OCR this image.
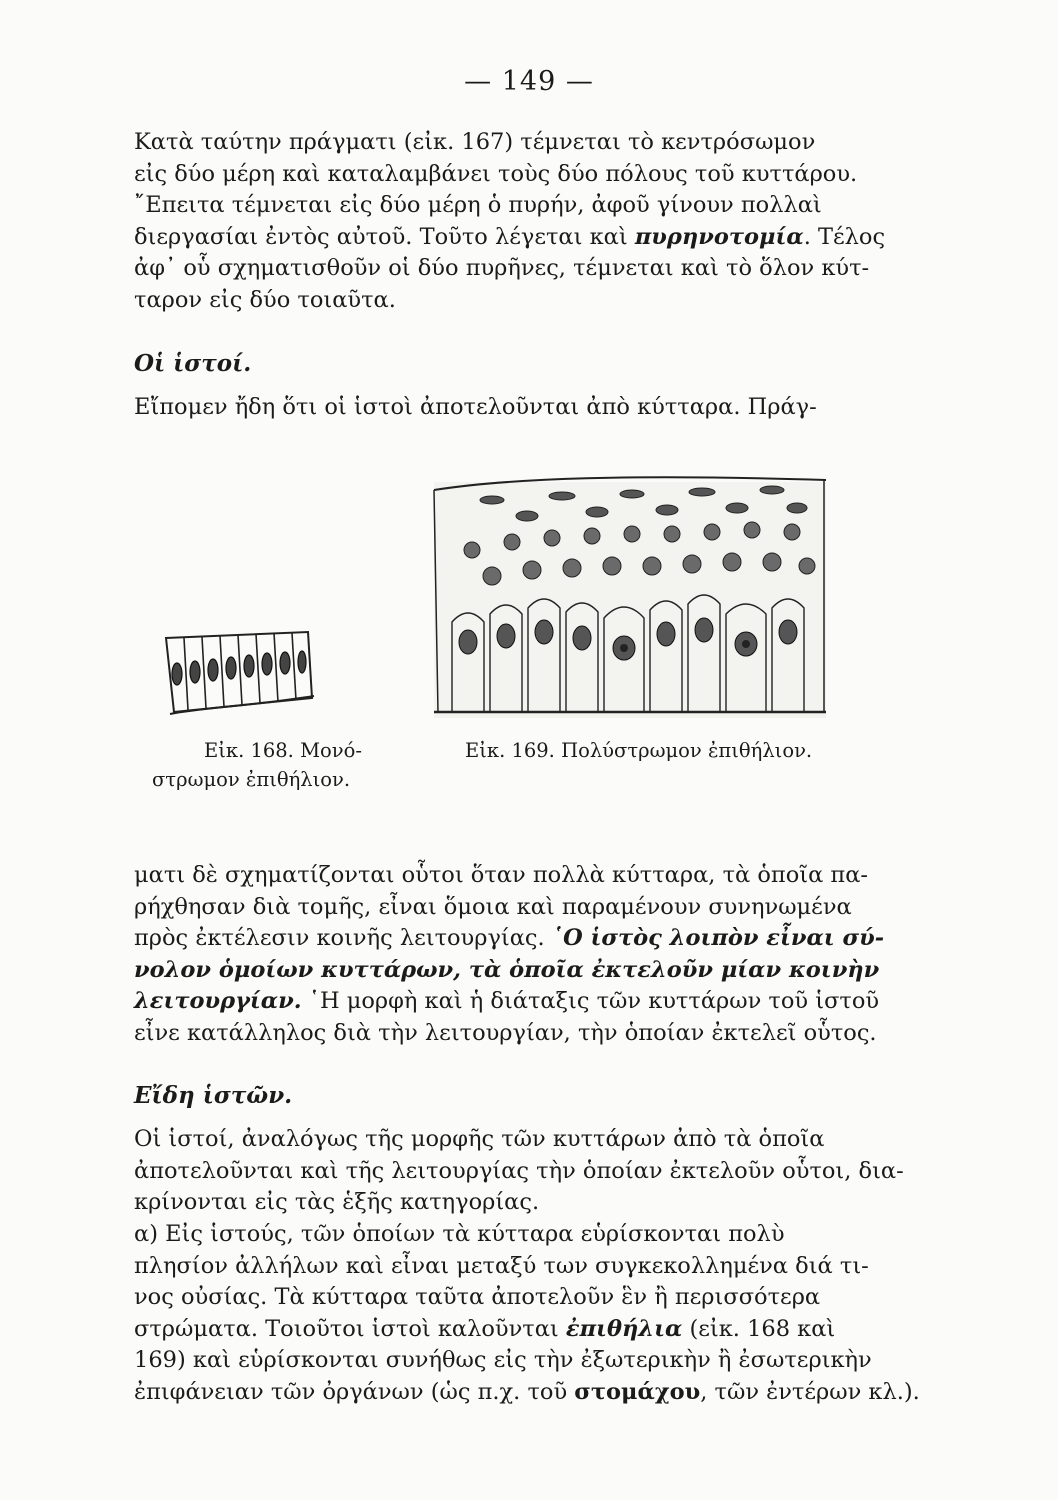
— 149 —
Κατὰ ταύτην πράγματι (εἰκ. 167) τέμνεται τὸ κεντρόσωμον
εἰς δύο μέρη καὶ καταλαμβάνει τοὺς δύο πόλους τοῦ κυττάρου.
῎Επειτα τέμνεται εἰς δύο μέρη ὁ πυρήν, ἀφοῦ γίνουν πολλαὶ
διεργασίαι ἐντὸς αὐτοῦ. Τοῦτο λέγεται καὶ πυρηνοτομία. Τέλος
ἀφ᾽ οὗ σχηματισθοῦν οἱ δύο πυρῆνες, τέμνεται καὶ τὸ ὅλον κύτ-
ταρον εἰς δύο τοιαῦτα.
Οἱ ἱστοί.
Εἴπομεν ἤδη ὅτι οἱ ἱστοὶ ἀποτελοῦνται ἀπὸ κύτταρα. Πράγ-
Εἰκ. 168. Μονό-
στρωμον ἐπιθήλιον.
Εἰκ. 169. Πολύστρωμον ἐπιθήλιον.
ματι δὲ σχηματίζονται οὗτοι ὅταν πολλὰ κύτταρα, τὰ ὁποῖα πα-
ρήχθησαν διὰ τομῆς, εἶναι ὅμοια καὶ παραμένουν συνηνωμένα
πρὸς ἐκτέλεσιν κοινῆς λειτουργίας. ῾Ο ἱστὸς λοιπὸν εἶναι σύ-
νολον ὁμοίων κυττάρων, τὰ ὁποῖα ἐκτελοῦν μίαν κοινὴν
λειτουργίαν. ῾Η μορφὴ καὶ ἡ διάταξις τῶν κυττάρων τοῦ ἱστοῦ
εἶνε κατάλληλος διὰ τὴν λειτουργίαν, τὴν ὁποίαν ἐκτελεῖ οὗτος.
Εἴδη ἱστῶν.
Οἱ ἱστοί, ἀναλόγως τῆς μορφῆς τῶν κυττάρων ἀπὸ τὰ ὁποῖα
ἀποτελοῦνται καὶ τῆς λειτουργίας τὴν ὁποίαν ἐκτελοῦν οὗτοι, δια-
κρίνονται εἰς τὰς ἑξῆς κατηγορίας.
α) Εἰς ἱστούς, τῶν ὁποίων τὰ κύτταρα εὑρίσκονται πολὺ
πλησίον ἀλλήλων καὶ εἶναι μεταξύ των συγκεκολλημένα διά τι-
νος οὐσίας. Τὰ κύτταρα ταῦτα ἀποτελοῦν ἓν ἢ περισσότερα
στρώματα. Τοιοῦτοι ἱστοὶ καλοῦνται ἐπιθήλια (εἰκ. 168 καὶ
169) καὶ εὑρίσκονται συνήθως εἰς τὴν ἐξωτερικὴν ἢ ἐσωτερικὴν
ἐπιφάνειαν τῶν ὀργάνων (ὡς π.χ. τοῦ στομάχου, τῶν ἐντέρων κλ.).
